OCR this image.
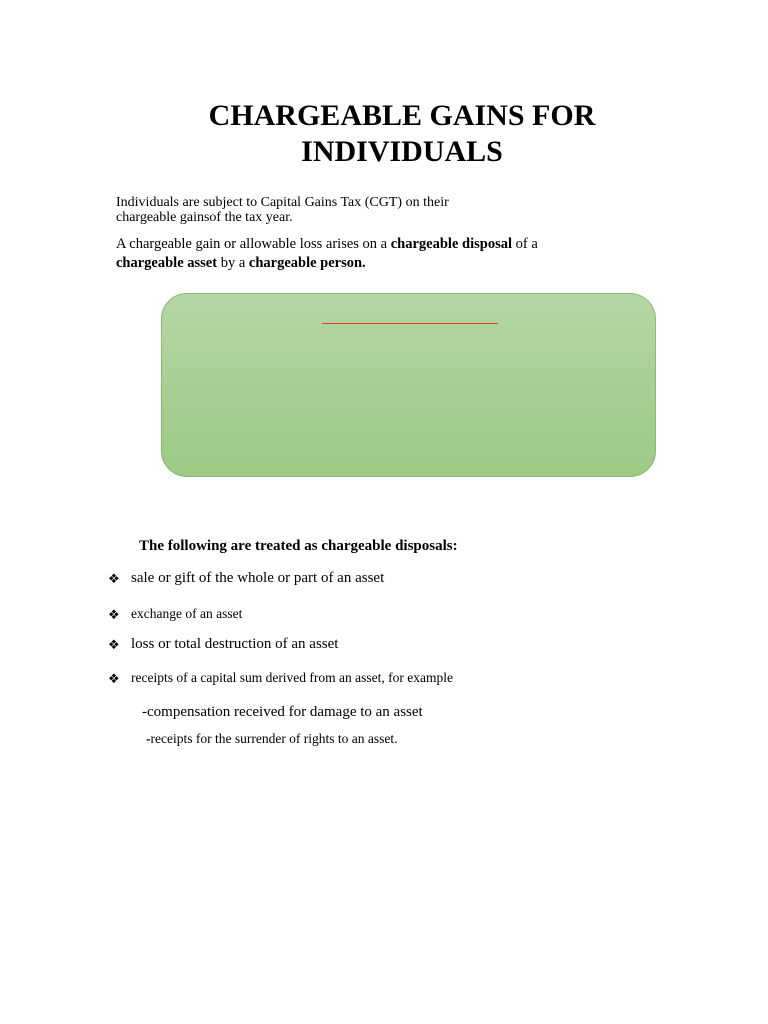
CHARGEABLE GAINS FOR
INDIVIDUALS

Individuals are subject to Capital Gains Tax (CGT) on their
chargeable gainsof the tax year.

A chargeable gain or allowable loss arises on a chargeable disposal of a
chargeable asset by a chargeable person.

The following are treated as chargeable disposals:

❖ sale or gift of the whole or part of an asset
❖ exchange of an asset
❖ loss or total destruction of an asset
❖ receipts of a capital sum derived from an asset, for example

-compensation received for damage to an asset

-receipts for the surrender of rights to an asset.
